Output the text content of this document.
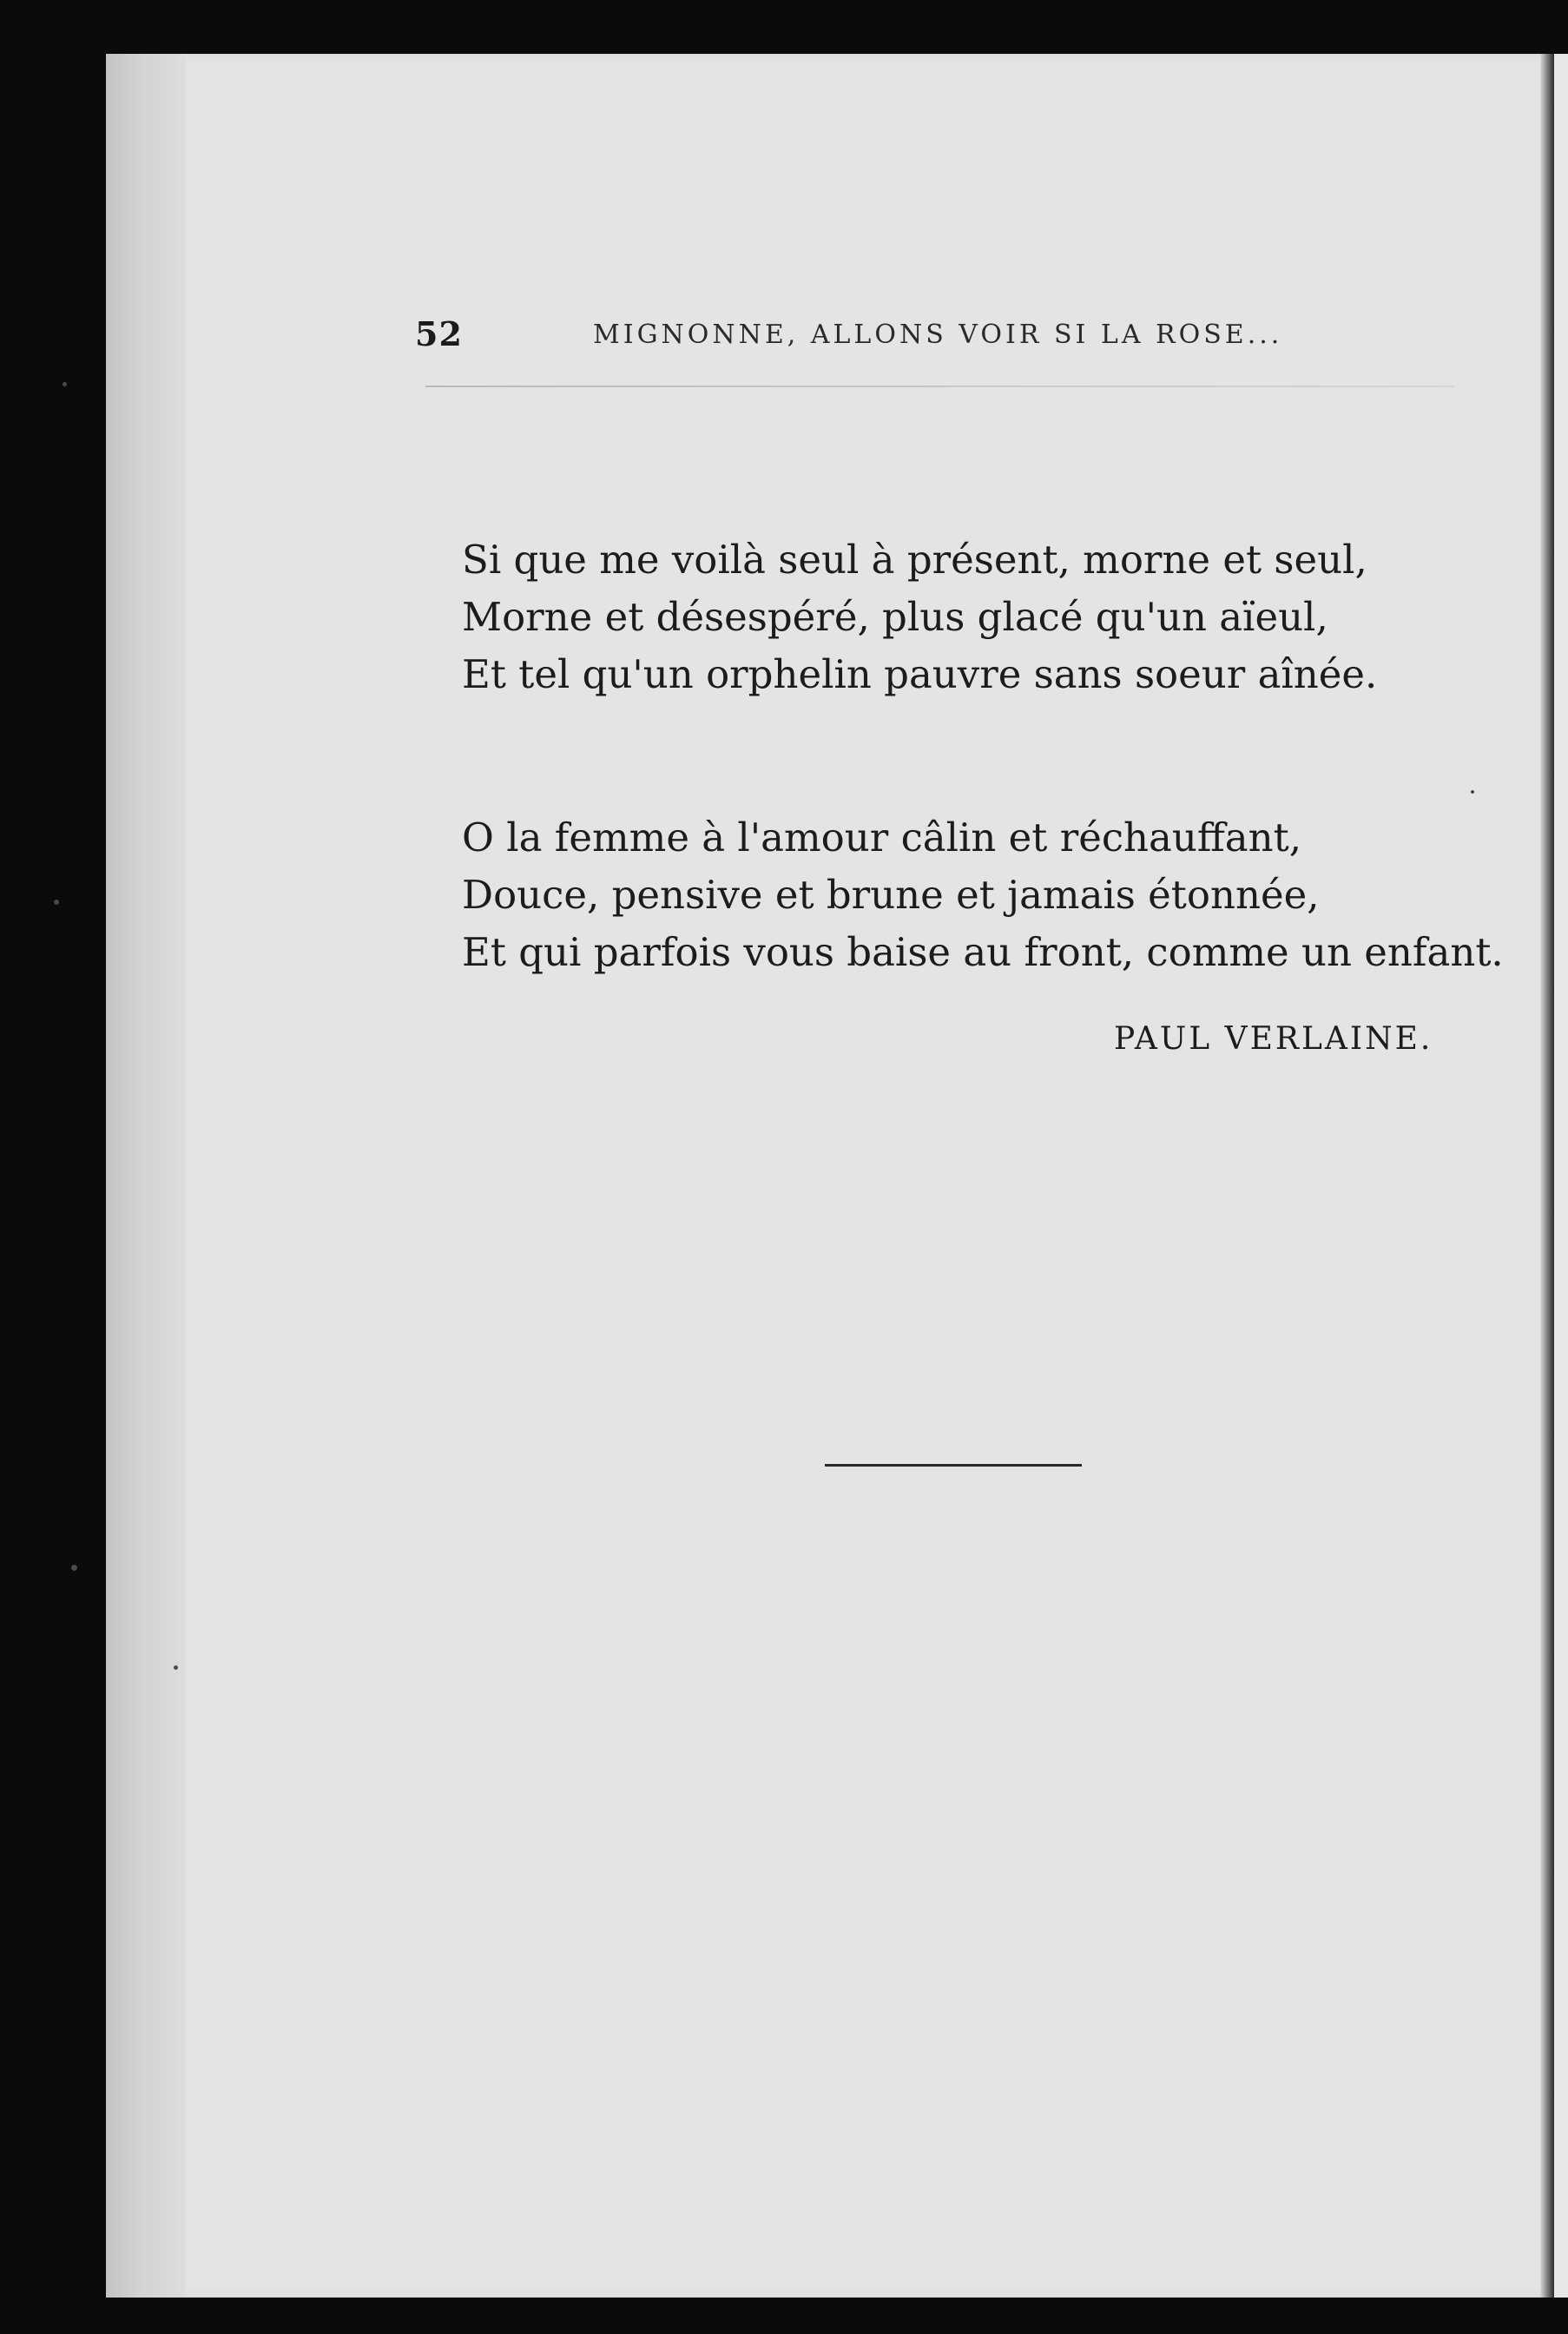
52	MIGNONNE, ALLONS VOIR SI LA ROSE...

Si que me voilà seul à présent, morne et seul,

Morne et désespéré, plus glacé qu'un aïeul,

Et tel qu'un orphelin pauvre sans soeur aînée.

O la femme à l'amour câlin et réchauffant,

Douce, pensive et brune et jamais étonnée,

Et qui parfois vous baise au front, comme un enfant.

PAUL VERLAINE.
